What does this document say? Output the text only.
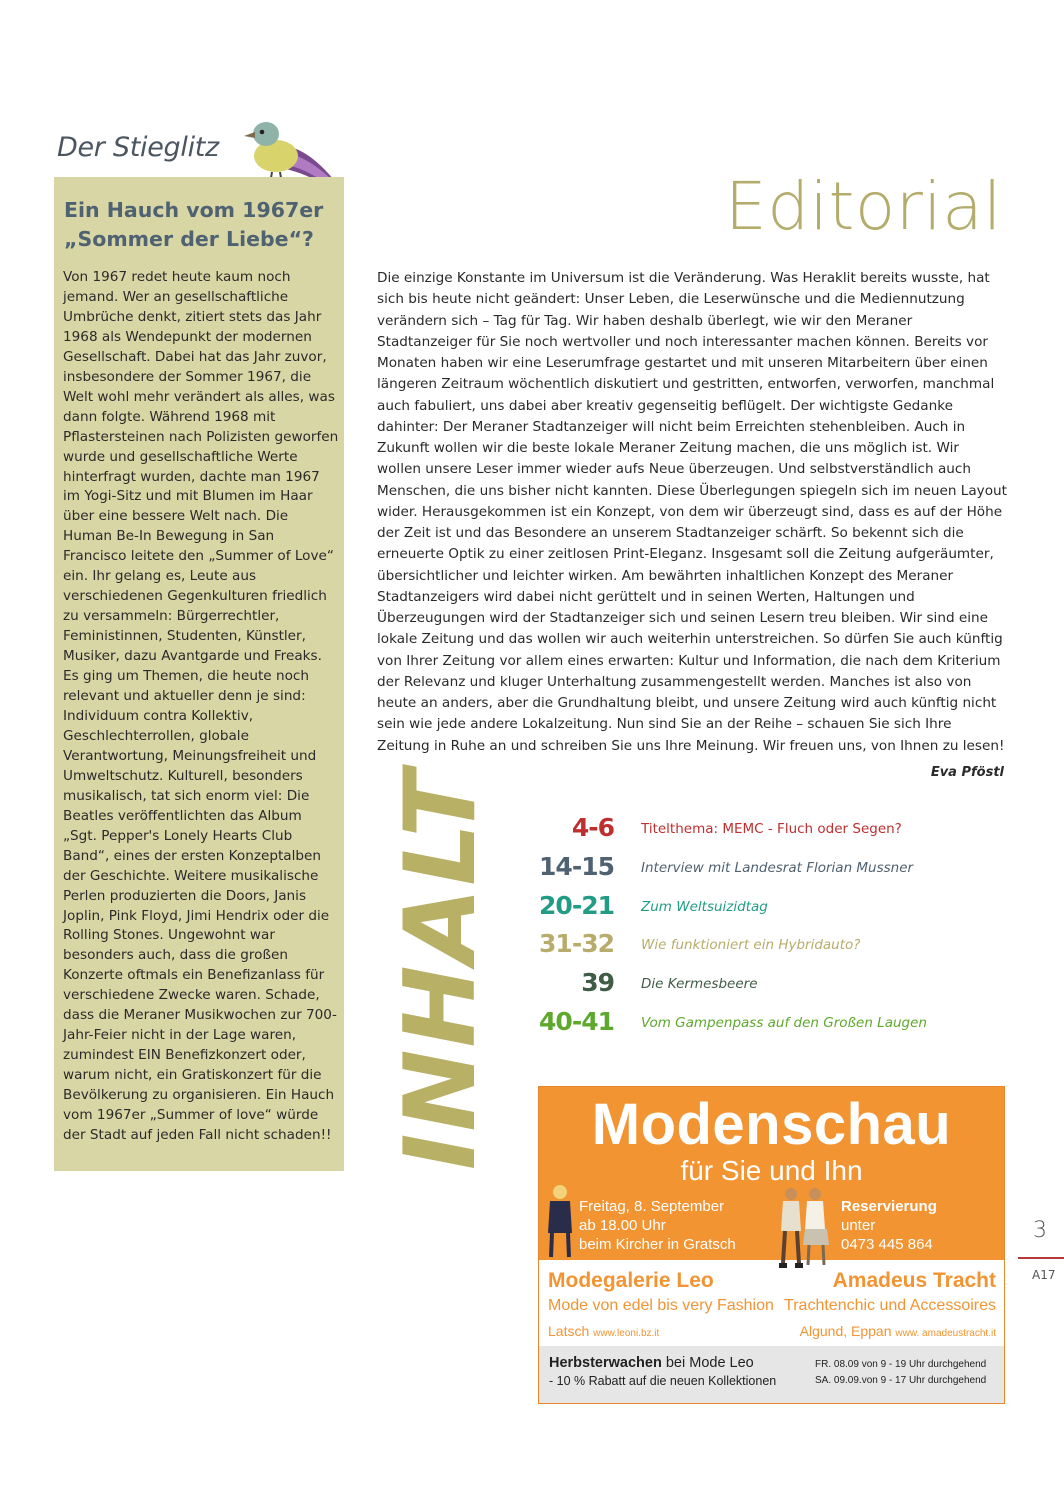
Der Stieglitz
Ein Hauch vom 1967er „Sommer der Liebe“?

Von 1967 redet heute kaum noch jemand. Wer an gesellschaftliche Umbrüche denkt, zitiert stets das Jahr 1968 als Wendepunkt der modernen Gesellschaft. Dabei hat das Jahr zuvor, insbesondere der Sommer 1967, die Welt wohl mehr verändert als alles, was dann folgte. Während 1968 mit Pflastersteinen nach Polizisten geworfen wurde und gesellschaftliche Werte hinterfragt wurden, dachte man 1967 im Yogi-Sitz und mit Blumen im Haar über eine bessere Welt nach. Die Human Be-In Bewegung in San Francisco leitete den „Summer of Love“ ein. Ihr gelang es, Leute aus verschiedenen Gegenkulturen friedlich zu versammeln: Bürgerrechtler, Feministinnen, Studenten, Künstler, Musiker, dazu Avantgarde und Freaks. Es ging um Themen, die heute noch relevant und aktueller denn je sind: Individuum contra Kollektiv, Geschlechterrollen, globale Verantwortung, Meinungsfreiheit und Umweltschutz. Kulturell, besonders musikalisch, tat sich enorm viel: Die Beatles veröffentlichten das Album „Sgt. Pepper's Lonely Hearts Club Band“, eines der ersten Konzeptalben der Geschichte. Weitere musikalische Perlen produzierten die Doors, Janis Joplin, Pink Floyd, Jimi Hendrix oder die Rolling Stones. Ungewohnt war besonders auch, dass die großen Konzerte oftmals ein Benefizanlass für verschiedene Zwecke waren. Schade, dass die Meraner Musikwochen zur 700-Jahr-Feier nicht in der Lage waren, zumindest EIN Benefizkonzert oder, warum nicht, ein Gratiskonzert für die Bevölkerung zu organisieren. Ein Hauch vom 1967er „Summer of love“ würde der Stadt auf jeden Fall nicht schaden!!

Editorial

Die einzige Konstante im Universum ist die Veränderung. Was Heraklit bereits wusste, hat sich bis heute nicht geändert: Unser Leben, die Leserwünsche und die Mediennutzung verändern sich – Tag für Tag. Wir haben deshalb überlegt, wie wir den Meraner Stadtanzeiger für Sie noch wertvoller und noch interessanter machen können. Bereits vor Monaten haben wir eine Leserumfrage gestartet und mit unseren Mitarbeitern über einen längeren Zeitraum wöchentlich diskutiert und gestritten, entworfen, verworfen, manchmal auch fabuliert, uns dabei aber kreativ gegenseitig beflügelt. Der wichtigste Gedanke dahinter: Der Meraner Stadtanzeiger will nicht beim Erreichten stehenbleiben. Auch in Zukunft wollen wir die beste lokale Meraner Zeitung machen, die uns möglich ist. Wir wollen unsere Leser immer wieder aufs Neue überzeugen. Und selbstverständlich auch Menschen, die uns bisher nicht kannten. Diese Überlegungen spiegeln sich im neuen Layout wider. Herausgekommen ist ein Konzept, von dem wir überzeugt sind, dass es auf der Höhe der Zeit ist und das Besondere an unserem Stadtanzeiger schärft. So bekennt sich die erneuerte Optik zu einer zeitlosen Print-Eleganz. Insgesamt soll die Zeitung aufgeräumter, übersichtlicher und leichter wirken. Am bewährten inhaltlichen Konzept des Meraner Stadtanzeigers wird dabei nicht gerüttelt und in seinen Werten, Haltungen und Überzeugungen wird der Stadtanzeiger sich und seinen Lesern treu bleiben. Wir sind eine lokale Zeitung und das wollen wir auch weiterhin unterstreichen. So dürfen Sie auch künftig von Ihrer Zeitung vor allem eines erwarten: Kultur und Information, die nach dem Kriterium der Relevanz und kluger Unterhaltung zusammengestellt werden. Manches ist also von heute an anders, aber die Grundhaltung bleibt, und unsere Zeitung wird auch künftig nicht sein wie jede andere Lokalzeitung. Nun sind Sie an der Reihe – schauen Sie sich Ihre Zeitung in Ruhe an und schreiben Sie uns Ihre Meinung. Wir freuen uns, von Ihnen zu lesen!

Eva Pföstl
INHALT	4-6 Titelthema: MEMC - Fluch oder Segen?
14-15 Interview mit Landesrat Florian Mussner
20-21 Zum Weltsuizidtag
31-32 Wie funktioniert ein Hybridauto?
39 Die Kermesbeere
40-41 Vom Gampenpass auf den Großen Laugen
Modenschau
für Sie und Ihn
Freitag, 8. September
ab 18.00 Uhr
beim Kircher in Gratsch
Reservierung
unter
0473 445 864
Modegalerie Leo
Mode von edel bis very Fashion
Latsch www.leoni.bz.it
Amadeus Tracht
Trachtenchic und Accessoires
Algund, Eppan www. amadeustracht.it
Herbsterwachen bei Mode Leo
- 10 % Rabatt auf die neuen Kollektionen
FR. 08.09 von 9 - 19 Uhr durchgehend
SA. 09.09.von 9 - 17 Uhr durchgehend
3
A17
